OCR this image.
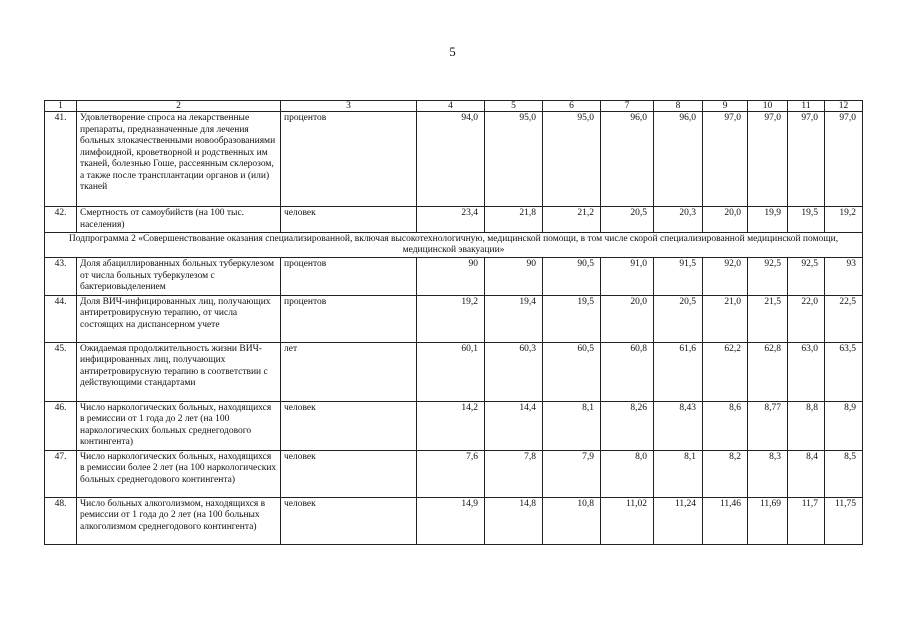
5
1	2	3	4	5	6	7	8	9	10	11	12
41.	Удовлетворение спроса на лекарственные препараты, предназначенные для лечения больных злокачественными новообразованиями лимфоидной, кроветворной и родственных им тканей, болезнью Гоше, рассеянным склерозом, а также после трансплантации органов и (или) тканей	процентов	94,0	95,0	95,0	96,0	96,0	97,0	97,0	97,0	97,0
42.	Смертность от самоубийств (на 100 тыс. населения)	человек	23,4	21,8	21,2	20,5	20,3	20,0	19,9	19,5	19,2
Подпрограмма 2 «Совершенствование оказания специализированной, включая высокотехнологичную, медицинской помощи, в том числе скорой специализированной медицинской помощи, медицинской эвакуации»											
43.	Доля абациллированных больных туберкулезом от числа больных туберкулезом с бактериовыделением	процентов	90	90	90,5	91,0	91,5	92,0	92,5	92,5	93
44.	Доля ВИЧ-инфицированных лиц, получающих антиретровирусную терапию, от числа состоящих на диспансерном учете	процентов	19,2	19,4	19,5	20,0	20,5	21,0	21,5	22,0	22,5
45.	Ожидаемая продолжительность жизни ВИЧ-инфицированных лиц, получающих антиретровирусную терапию в соответствии с действующими стандартами	лет	60,1	60,3	60,5	60,8	61,6	62,2	62,8	63,0	63,5
46.	Число наркологических больных, находящихся в ремиссии от 1 года до 2 лет (на 100 наркологических больных среднегодового контингента)	человек	14,2	14,4	8,1	8,26	8,43	8,6	8,77	8,8	8,9
47.	Число наркологических больных, находящихся в ремиссии более 2 лет (на 100 наркологических больных среднегодового контингента)	человек	7,6	7,8	7,9	8,0	8,1	8,2	8,3	8,4	8,5
48.	Число больных алкоголизмом, находящихся в ремиссии от 1 года до 2 лет (на 100 больных алкоголизмом среднегодового контингента)	человек	14,9	14,8	10,8	11,02	11,24	11,46	11,69	11,7	11,75
